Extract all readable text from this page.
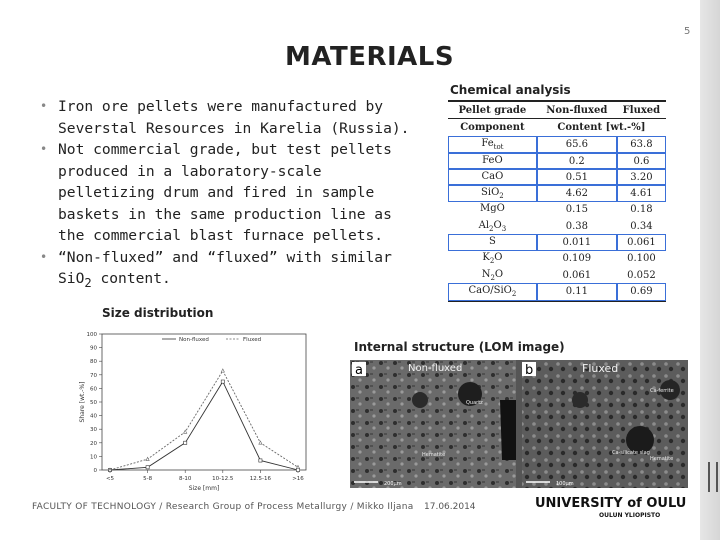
5
MATERIALS
• Iron ore pellets were manufactured by Severstal Resources in Karelia (Russia).
• Not commercial grade, but test pellets produced in a laboratory-scale pelletizing drum and fired in sample baskets in the same production line as the commercial blast furnace pellets.
• “Non-fluxed” and “fluxed” with similar SiO$_2$ content.
Chemical analysis
Pellet grade	Non-fluxed	Fluxed
Component	Content [wt.-%]	
$Fe_{tot}$	65.6	63.8
FeO	0.2	0.6
CaO	0.51	3.20
SiO$_2$	4.62	4.61
MgO	0.15	0.18
$Al_2O_3$	0.38	0.34
S	0.011	0.061
$K_2O$	0.109	0.100
$N_2O$	0.061	0.052
CaO/SiO$_2$	0.11	0.69
Size distribution
0
10
20
30
40
50
60
70
80
90
100
<5	5-8	8-10	10-12.5	12.5-16	>16
Size [mm]
Share [wt.-%]
Non-fluxed	Fluxed	Internal structure (LOM image)
a	b
Non-fluxed	Fluxed
Quartz
Hematite
Ca-ferrite
Ca-silicate slag
Hematite
200µm	100µm
FACULTY OF TECHNOLOGY / Research Group of Process Metallurgy / Mikko Iljana 17.06.2014	UNIVERSITY of OULU
OULUN YLIOPISTO
